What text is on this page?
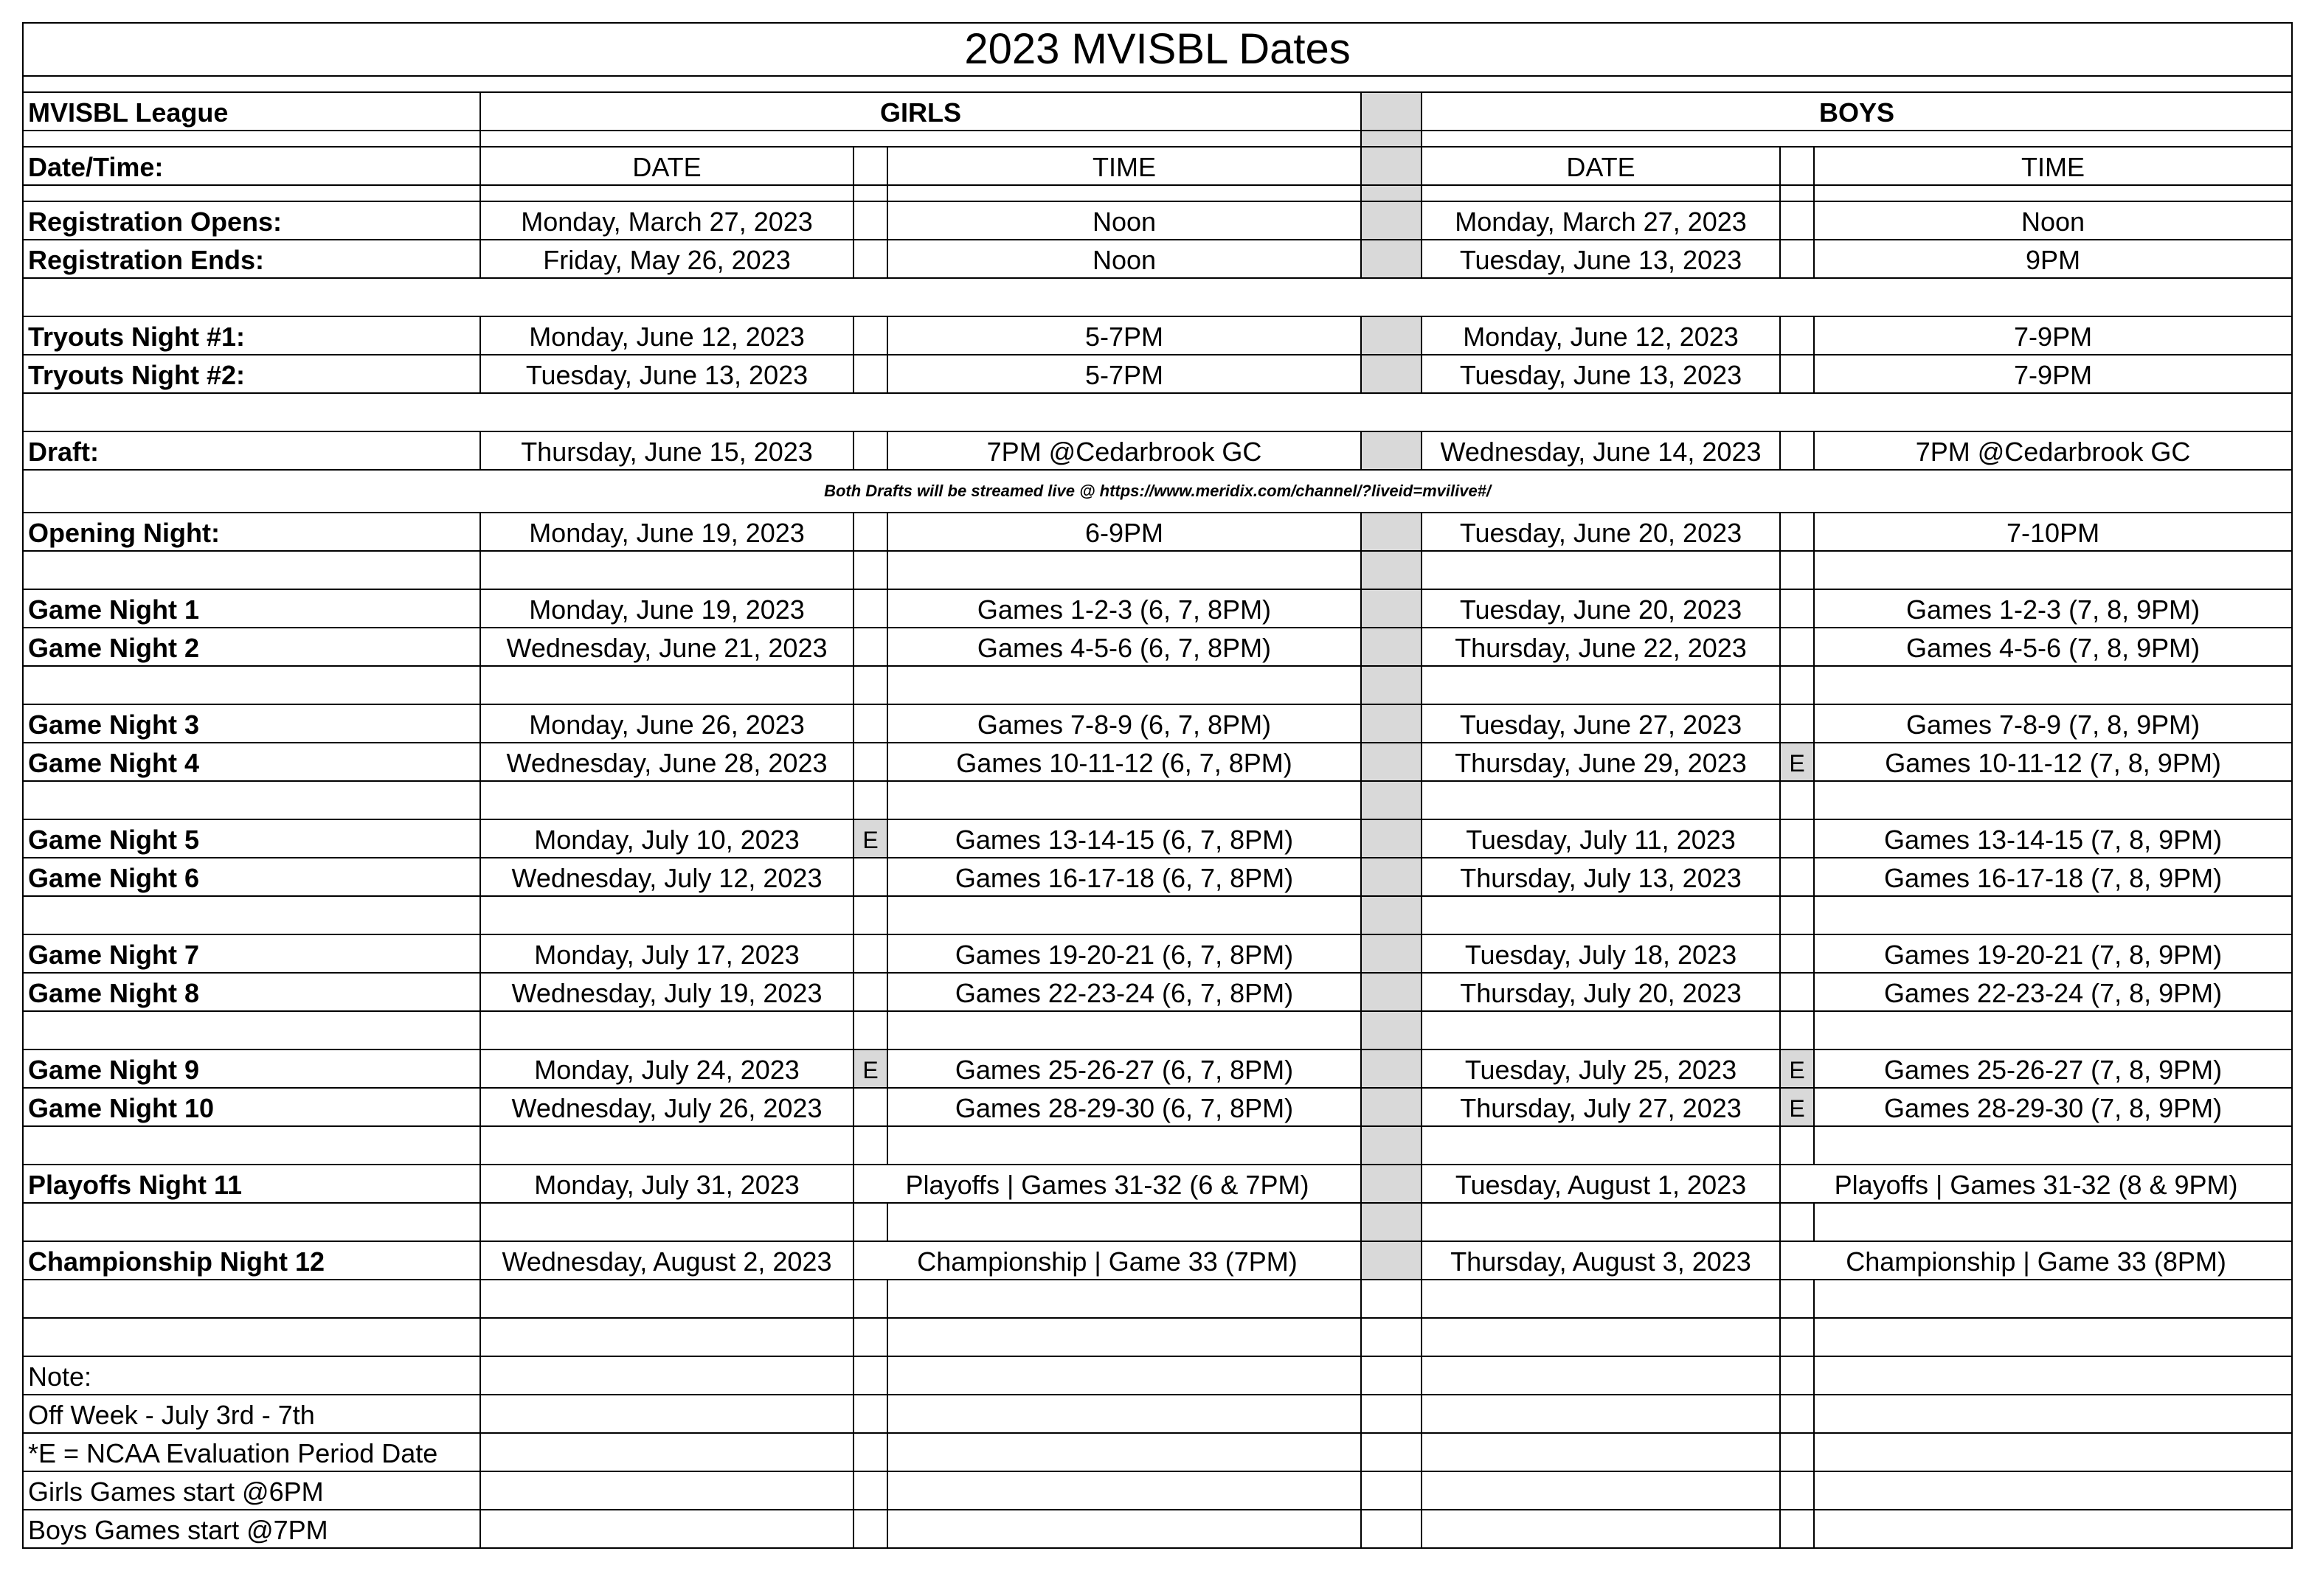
2023 MVISBL Dates							

MVISBL League	GIRLS				BOYS		

Date/Time:	DATE		TIME		DATE		TIME

Registration Opens:	Monday, March 27, 2023		Noon		Monday, March 27, 2023		Noon
Registration Ends:	Friday, May 26, 2023		Noon		Tuesday, June 13, 2023		9PM

Tryouts Night #1:	Monday, June 12, 2023		5-7PM		Monday, June 12, 2023		7-9PM
Tryouts Night #2:	Tuesday, June 13, 2023		5-7PM		Tuesday, June 13, 2023		7-9PM

Draft:	Thursday, June 15, 2023		7PM @Cedarbrook GC		Wednesday, June 14, 2023		7PM @Cedarbrook GC
Both Drafts will be streamed live @ https://www.meridix.com/channel/?liveid=mvilive#/							
Opening Night:	Monday, June 19, 2023		6-9PM		Tuesday, June 20, 2023		7-10PM

Game Night 1	Monday, June 19, 2023		Games 1-2-3 (6, 7, 8PM)		Tuesday, June 20, 2023		Games 1-2-3 (7, 8, 9PM)
Game Night 2	Wednesday, June 21, 2023		Games 4-5-6 (6, 7, 8PM)		Thursday, June 22, 2023		Games 4-5-6 (7, 8, 9PM)

Game Night 3	Monday, June 26, 2023		Games 7-8-9 (6, 7, 8PM)		Tuesday, June 27, 2023		Games 7-8-9 (7, 8, 9PM)
Game Night 4	Wednesday, June 28, 2023		Games 10-11-12 (6, 7, 8PM)		Thursday, June 29, 2023	E	Games 10-11-12 (7, 8, 9PM)

Game Night 5	Monday, July 10, 2023	E	Games 13-14-15 (6, 7, 8PM)		Tuesday, July 11, 2023		Games 13-14-15 (7, 8, 9PM)
Game Night 6	Wednesday, July 12, 2023		Games 16-17-18 (6, 7, 8PM)		Thursday, July 13, 2023		Games 16-17-18 (7, 8, 9PM)

Game Night 7	Monday, July 17, 2023		Games 19-20-21 (6, 7, 8PM)		Tuesday, July 18, 2023		Games 19-20-21 (7, 8, 9PM)
Game Night 8	Wednesday, July 19, 2023		Games 22-23-24 (6, 7, 8PM)		Thursday, July 20, 2023		Games 22-23-24 (7, 8, 9PM)

Game Night 9	Monday, July 24, 2023	E	Games 25-26-27 (6, 7, 8PM)		Tuesday, July 25, 2023	E	Games 25-26-27 (7, 8, 9PM)
Game Night 10	Wednesday, July 26, 2023		Games 28-29-30 (6, 7, 8PM)		Thursday, July 27, 2023	E	Games 28-29-30 (7, 8, 9PM)

Playoffs Night 11	Monday, July 31, 2023	Playoffs | Games 31-32 (6 & 7PM)			Tuesday, August 1, 2023	Playoffs | Games 31-32 (8 & 9PM)	

Championship Night 12	Wednesday, August 2, 2023	Championship | Game 33 (7PM)			Thursday, August 3, 2023	Championship | Game 33 (8PM)	

Note:							
Off Week - July 3rd - 7th							
*E = NCAA Evaluation Period Date							
Girls Games start @6PM							
Boys Games start @7PM							
